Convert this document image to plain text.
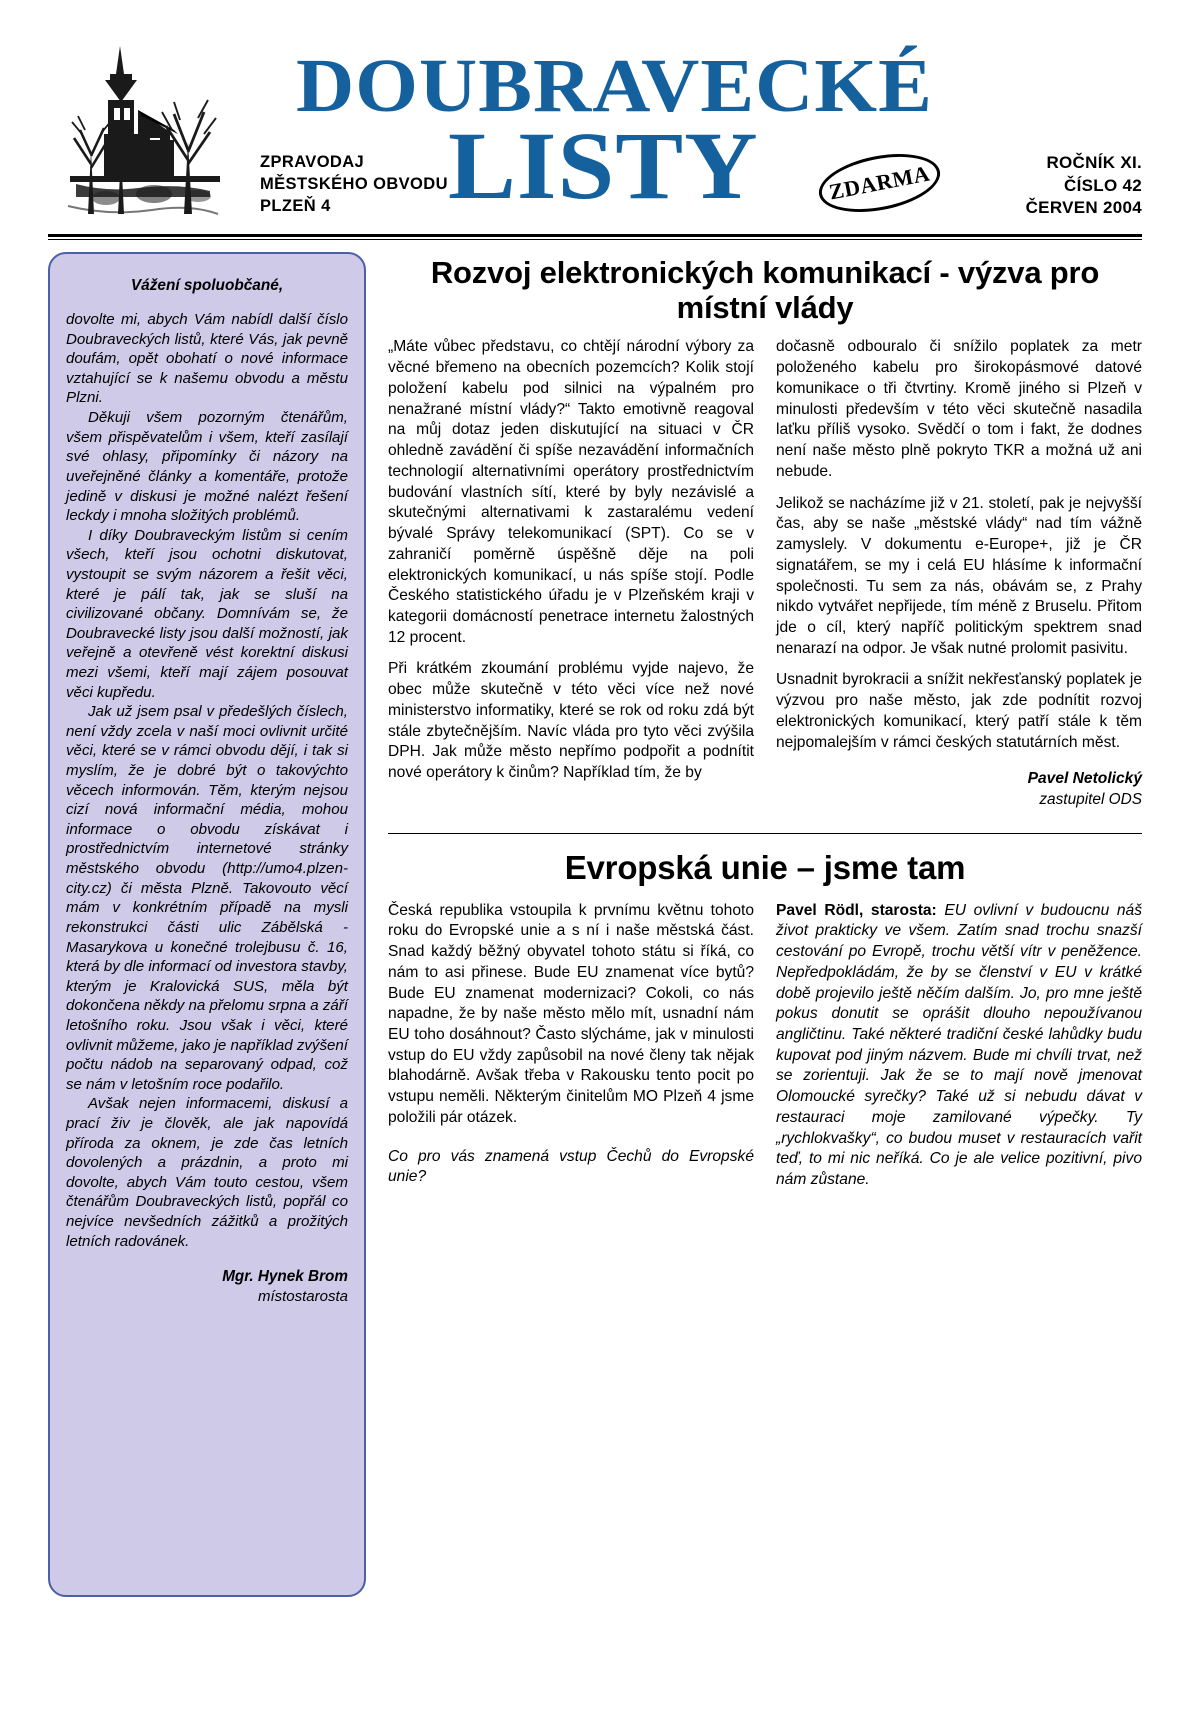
DOUBRAVECKÉ
LISTY
ZPRAVODAJ
MĚSTSKÉHO OBVODU
PLZEŇ 4
ZDARMA	ROČNÍK XI.
ČÍSLO 42
ČERVEN 2004
Vážení spoluobčané,

dovolte mi, abych Vám nabídl další číslo Doubraveckých listů, které Vás, jak pevně doufám, opět obohatí o nové informace vztahující se k našemu obvodu a městu Plzni.

Děkuji všem pozorným čtenářům, všem přispěvatelům i všem, kteří zasílají své ohlasy, připomínky či názory na uveřejněné články a komentáře, protože jedině v diskusi je možné nalézt řešení leckdy i mnoha složitých problémů.

I díky Doubraveckým listům si cením všech, kteří jsou ochotni diskutovat, vystoupit se svým názorem a řešit věci, které je pálí tak, jak se sluší na civilizované občany. Domnívám se, že Doubravecké listy jsou další možností, jak veřejně a otevřeně vést korektní diskusi mezi všemi, kteří mají zájem posouvat věci kupředu.

Jak už jsem psal v předešlých číslech, není vždy zcela v naší moci ovlivnit určité věci, které se v rámci obvodu dějí, i tak si myslím, že je dobré být o takovýchto věcech informován. Těm, kterým nejsou cizí nová informační média, mohou informace o obvodu získávat i prostřednictvím internetové stránky městského obvodu (http://umo4.plzen-city.cz) či města Plzně. Takovouto věcí mám v konkrétním případě na mysli rekonstrukci části ulic Zábělská - Masarykova u konečné trolejbusu č. 16, která by dle informací od investora stavby, kterým je Kralovická SUS, měla být dokončena někdy na přelomu srpna a září letošního roku. Jsou však i věci, které ovlivnit můžeme, jako je například zvýšení počtu nádob na separovaný odpad, což se nám v letošním roce podařilo.

Avšak nejen informacemi, diskusí a prací živ je člověk, ale jak napovídá příroda za oknem, je zde čas letních dovolených a prázdnin, a proto mi dovolte, abych Vám touto cestou, všem čtenářům Doubraveckých listů, popřál co nejvíce nevšedních zážitků a prožitých letních radovánek.

Mgr. Hynek Brom
místostarosta
Rozvoj elektronických komunikací - výzva pro místní vlády

„Máte vůbec představu, co chtějí národní výbory za věcné břemeno na obecních pozemcích? Kolik stojí položení kabelu pod silnici na výpalném pro nenažrané místní vlády?“ Takto emotivně reagoval na můj dotaz jeden diskutující na situaci v ČR ohledně zavádění či spíše nezavádění informačních technologií alternativními operátory prostřednictvím budování vlastních sítí, které by byly nezávislé a skutečnými alternativami k zastaralému vedení bývalé Správy telekomunikací (SPT). Co se v zahraničí poměrně úspěšně děje na poli elektronických komunikací, u nás spíše stojí. Podle Českého statistického úřadu je v Plzeňském kraji v kategorii domácností penetrace internetu žalostných 12 procent.

Při krátkém zkoumání problému vyjde najevo, že obec může skutečně v této věci více než nové ministerstvo informatiky, které se rok od roku zdá být stále zbytečnějším. Navíc vláda pro tyto věci zvýšila DPH. Jak může město nepřímo podpořit a podnítit nové operátory k činům? Například tím, že by

dočasně odbouralo či snížilo poplatek za metr položeného kabelu pro širokopásmové datové komunikace o tři čtvrtiny. Kromě jiného si Plzeň v minulosti především v této věci skutečně nasadila laťku příliš vysoko. Svědčí o tom i fakt, že dodnes není naše město plně pokryto TKR a možná už ani nebude.

Jelikož se nacházíme již v 21. století, pak je nejvyšší čas, aby se naše „městské vlády“ nad tím vážně zamyslely. V dokumentu e-Europe+, již je ČR signatářem, se my i celá EU hlásíme k informační společnosti. Tu sem za nás, obávám se, z Prahy nikdo vytvářet nepřijede, tím méně z Bruselu. Přitom jde o cíl, který napříč politickým spektrem snad nenarazí na odpor. Je však nutné prolomit pasivitu.

Usnadnit byrokracii a snížit nekřesťanský poplatek je výzvou pro naše město, jak zde podnítit rozvoj elektronických komunikací, který patří stále k těm nejpomalejším v rámci českých statutárních měst.

Pavel Netolický
zastupitel ODS
Evropská unie – jsme tam

Česká republika vstoupila k prvnímu květnu tohoto roku do Evropské unie a s ní i naše městská část. Snad každý běžný obyvatel tohoto státu si říká, co nám to asi přinese. Bude EU znamenat více bytů? Bude EU znamenat modernizaci? Cokoli, co nás napadne, že by naše město mělo mít, usnadní nám EU toho dosáhnout? Často slýcháme, jak v minulosti vstup do EU vždy zapůsobil na nové členy tak nějak blahodárně. Avšak třeba v Rakousku tento pocit po vstupu neměli. Některým činitelům MO Plzeň 4 jsme položili pár otázek.

Co pro vás znamená vstup Čechů do Evropské unie?

Pavel Rödl, starosta: EU ovlivní v budoucnu náš život prakticky ve všem. Zatím snad trochu snazší cestování po Evropě, trochu větší vítr v peněžence. Nepředpokládám, že by se členství v EU v krátké době projevilo ještě něčím dalším. Jo, pro mne ještě pokus donutit se oprášit dlouho nepoužívanou angličtinu. Také některé tradiční české lahůdky budu kupovat pod jiným názvem. Bude mi chvíli trvat, než se zorientuji. Jak že se to mají nově jmenovat Olomoucké syrečky? Také už si nebudu dávat v restauraci moje zamilované výpečky. Ty „rychlokvašky“, co budou muset v restauracích vařit teď, to mi nic neříká. Co je ale velice pozitivní, pivo nám zůstane.
